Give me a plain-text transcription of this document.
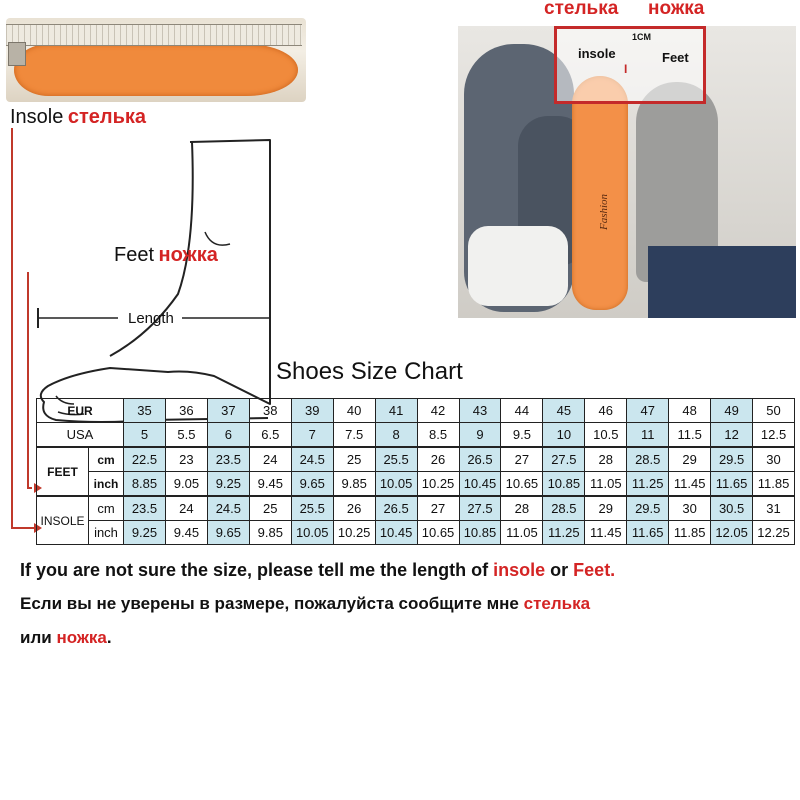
Insole стелька
Feet ножка
Length
insole
1CM
I
Feet
Fashion
стелька ножка
Shoes Size Chart
EUR		35	36	37	38	39	40	41	42	43	44	45	46	47	48	49	50
USA		5	5.5	6	6.5	7	7.5	8	8.5	9	9.5	10	10.5	11	11.5	12	12.5
FEET	cm	22.5	23	23.5	24	24.5	25	25.5	26	26.5	27	27.5	28	28.5	29	29.5	30
	inch	8.85	9.05	9.25	9.45	9.65	9.85	10.05	10.25	10.45	10.65	10.85	11.05	11.25	11.45	11.65	11.85
INSOLE	cm	23.5	24	24.5	25	25.5	26	26.5	27	27.5	28	28.5	29	29.5	30	30.5	31
	inch	9.25	9.45	9.65	9.85	10.05	10.25	10.45	10.65	10.85	11.05	11.25	11.45	11.65	11.85	12.05	12.25
If you are not sure the size, please tell me the length of insole or Feet.
Если вы не уверены в размере, пожалуйста сообщите мне стелька
или ножка.
